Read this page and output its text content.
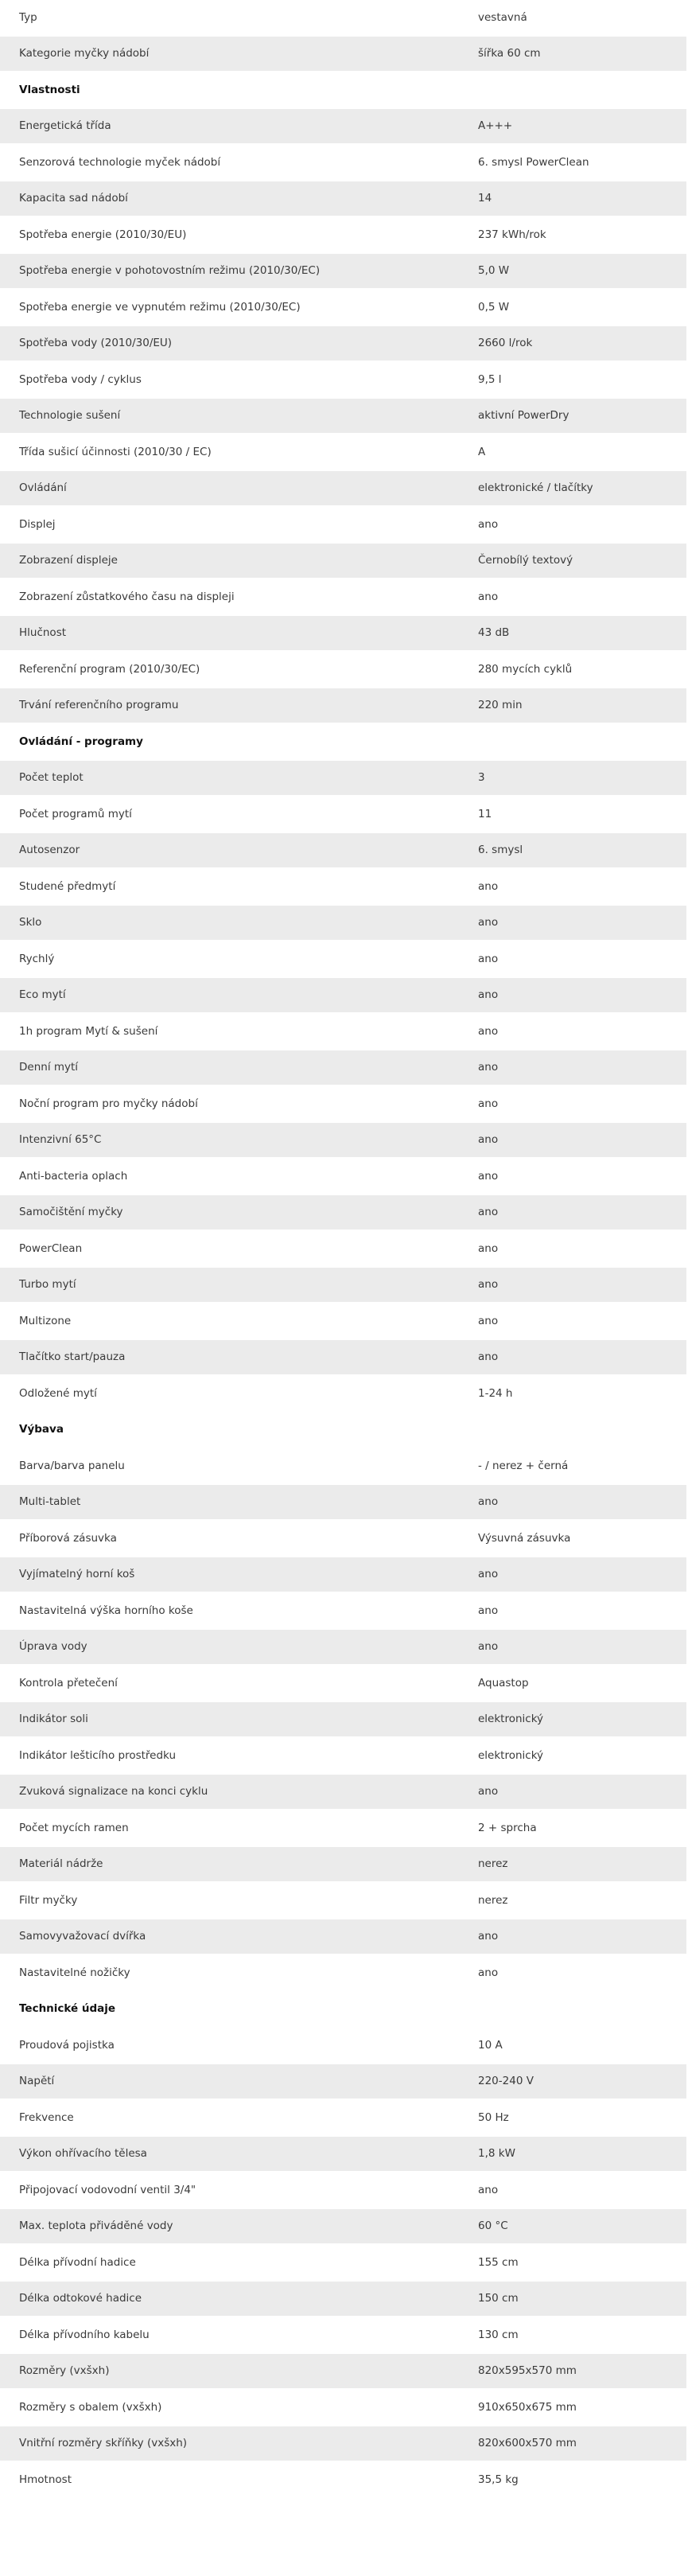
Typ	vestavná
Kategorie myčky nádobí	šířka 60 cm
Vlastnosti
Energetická třída	A+++
Senzorová technologie myček nádobí	6. smysl PowerClean
Kapacita sad nádobí	14
Spotřeba energie (2010/30/EU)	237 kWh/rok
Spotřeba energie v pohotovostním režimu (2010/30/EC)	5,0 W
Spotřeba energie ve vypnutém režimu (2010/30/EC)	0,5 W
Spotřeba vody (2010/30/EU)	2660 l/rok
Spotřeba vody / cyklus	9,5 l
Technologie sušení	aktivní PowerDry
Třída sušicí účinnosti (2010/30 / EC)	A
Ovládání	elektronické / tlačítky
Displej	ano
Zobrazení displeje	Černobílý textový
Zobrazení zůstatkového času na displeji	ano
Hlučnost	43 dB
Referenční program (2010/30/EC)	280 mycích cyklů
Trvání referenčního programu	220 min
Ovládání - programy
Počet teplot	3
Počet programů mytí	11
Autosenzor	6. smysl
Studené předmytí	ano
Sklo	ano
Rychlý	ano
Eco mytí	ano
1h program Mytí & sušení	ano
Denní mytí	ano
Noční program pro myčky nádobí	ano
Intenzivní 65°C	ano
Anti-bacteria oplach	ano
Samočištění myčky	ano
PowerClean	ano
Turbo mytí	ano
Multizone	ano
Tlačítko start/pauza	ano
Odložené mytí	1-24 h
Výbava
Barva/barva panelu	- / nerez + černá
Multi-tablet	ano
Příborová zásuvka	Výsuvná zásuvka
Vyjímatelný horní koš	ano
Nastavitelná výška horního koše	ano
Úprava vody	ano
Kontrola přetečení	Aquastop
Indikátor soli	elektronický
Indikátor lešticího prostředku	elektronický
Zvuková signalizace na konci cyklu	ano
Počet mycích ramen	2 + sprcha
Materiál nádrže	nerez
Filtr myčky	nerez
Samovyvažovací dvířka	ano
Nastavitelné nožičky	ano
Technické údaje
Proudová pojistka	10 A
Napětí	220-240 V
Frekvence	50 Hz
Výkon ohřívacího tělesa	1,8 kW
Připojovací vodovodní ventil 3/4"	ano
Max. teplota přiváděné vody	60 °C
Délka přívodní hadice	155 cm
Délka odtokové hadice	150 cm
Délka přívodního kabelu	130 cm
Rozměry (vxšxh)	820x595x570 mm
Rozměry s obalem (vxšxh)	910x650x675 mm
Vnitřní rozměry skříňky (vxšxh)	820x600x570 mm
Hmotnost	35,5 kg
